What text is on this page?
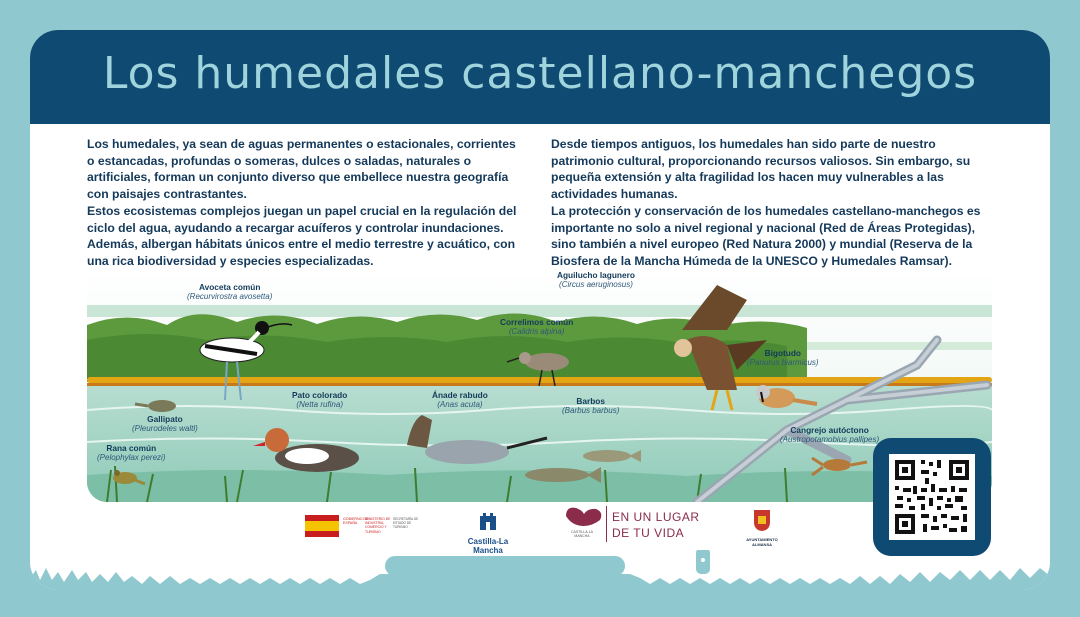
Los humedales castellano-manchegos

Los humedales, ya sean de aguas permanentes o estacionales, corrientes o estancadas, profundas o someras, dulces o saladas, naturales o artificiales, forman un conjunto diverso que embellece nuestra geografía con paisajes contrastantes.

Estos ecosistemas complejos juegan un papel crucial en la regulación del ciclo del agua, ayudando a recargar acuíferos y controlar inundaciones. Además, albergan hábitats únicos entre el medio terrestre y acuático, con una rica biodiversidad y especies especializadas.

Desde tiempos antiguos, los humedales han sido parte de nuestro patrimonio cultural, proporcionando recursos valiosos. Sin embargo, su pequeña extensión y alta fragilidad los hacen muy vulnerables a las actividades humanas.

La protección y conservación de los humedales castellano-manchegos es importante no solo a nivel regional y nacional (Red de Áreas Protegidas), sino también a nivel europeo (Red Natura 2000) y mundial (Reserva de la Biosfera de la Mancha Húmeda de la UNESCO y Humedales Ramsar).

Avoceta común
(Recurvirostra avosetta)
Aguilucho lagunero
(Circus aeruginosus)
Correlimos común
(Calidris alpina)
Bigotudo
(Panurus biarmicus)
Pato colorado
(Netta rufina)
Ánade rabudo
(Anas acuta)	Barbos
(Barbus barbus)
Gallipato
(Pleurodeles waltl)	Cangrejo autóctono
(Austropotamobius pallipes)
Rana común
(Pelophylax perezi)
GOBIERNO DE ESPAÑA
MINISTERIO DE INDUSTRIA, COMERCIO Y TURISMO
SECRETARÍA DE ESTADO DE TURISMO
Castilla-La Mancha
CASTILLA-LA MANCHA
EN UN LUGAR
DE TU VIDA	AYUNTAMIENTO ALMANSA
